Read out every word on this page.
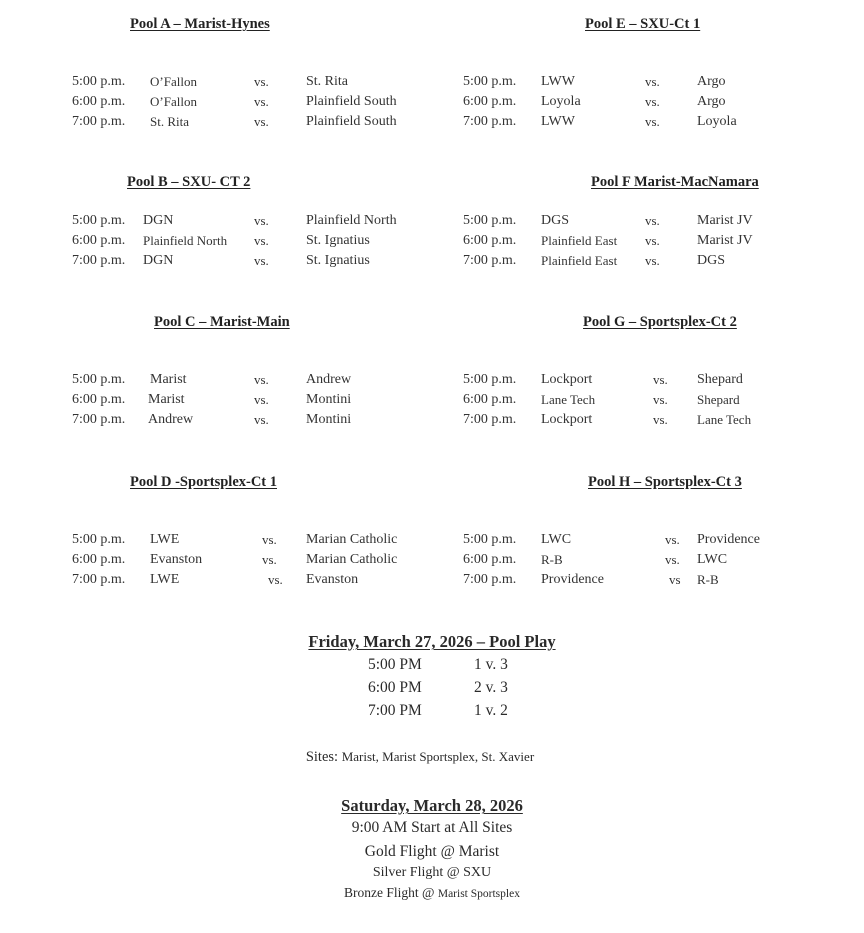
Pool A – Marist-Hynes
5:00 p.m. O’Fallon	vs.	St. Rita
6:00 p.m. O’Fallon	vs.	Plainfield South
7:00 p.m. St. Rita	vs.	Plainfield South
Pool B – SXU- CT 2
5:00 p.m. DGN	vs.	Plainfield North
6:00 p.m. Plainfield North vs.	St. Ignatius
7:00 p.m. DGN	vs.	St. Ignatius
Pool C – Marist-Main
5:00 p.m. Marist	vs.	Andrew
6:00 p.m. Marist	vs.	Montini
7:00 p.m. Andrew	vs.	Montini
Pool D -Sportsplex-Ct 1
5:00 p.m. LWE	vs. Marian Catholic
6:00 p.m. Evanston	vs. Marian Catholic
7:00 p.m. LWE	vs. Evanston
Pool E – SXU-Ct 1
5:00 p.m. LWW	vs.	Argo
6:00 p.m. Loyola	vs.	Argo
7:00 p.m. LWW	vs.	Loyola
Pool F Marist-MacNamara
5:00 p.m. DGS	vs.	Marist JV
6:00 p.m. Plainfield East vs.	Marist JV
7:00 p.m. Plainfield East vs.	DGS
Pool G – Sportsplex-Ct 2
5:00 p.m. Lockport	vs. Shepard
6:00 p.m. Lane Tech	vs. Shepard
7:00 p.m. Lockport	vs. Lane Tech
Pool H – Sportsplex-Ct 3
5:00 p.m. LWC	vs. Providence
6:00 p.m. R-B	vs. LWC
7:00 p.m. Providence	vs R-B
Friday, March 27, 2026 – Pool Play
5:00 PM	1 v. 3
6:00 PM	2 v. 3
7:00 PM	1 v. 2
Sites: Marist, Marist Sportsplex, St. Xavier
Saturday, March 28, 2026
9:00 AM Start at All Sites
Gold Flight @ Marist
Silver Flight @ SXU
Bronze Flight @ Marist Sportsplex
